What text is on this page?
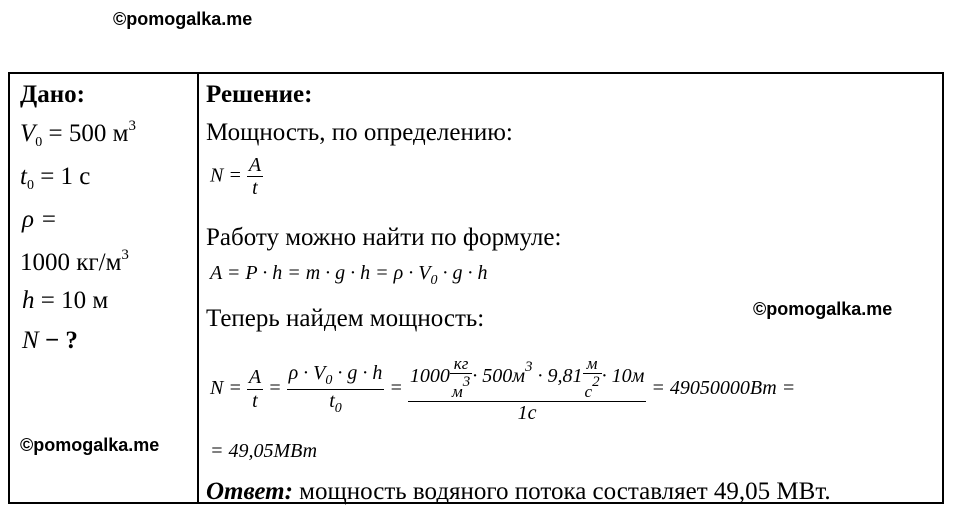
©pomogalka.me
Дано:
$V_0 = 500$ $м^3$
$t_0 = 1$ с
ρ =
1000 $кг/м^3$
h = 10 м
N − ?
©pomogalka.me
Решение:
Мощность, по определению:
$N = \frac{A}{t}$
Работу можно найти по формуле:
$A = P \cdot h = m \cdot g \cdot h = \rho \cdot V_0 \cdot g \cdot h$
Теперь найдем мощность:	©pomogalka.me
$N = \frac{A}{t} = \frac{\rho \cdot V_0 \cdot g \cdot h}{t_0} = \frac{1000 \frac{кг}{м3} \cdot 500м^3 \cdot 9,81 \frac{м}{с2} \cdot 10м}{1с} = 49050000Вт$ =
= 49,05МВт
Ответ: мощность водяного потока составляет 49,05 МВт.
